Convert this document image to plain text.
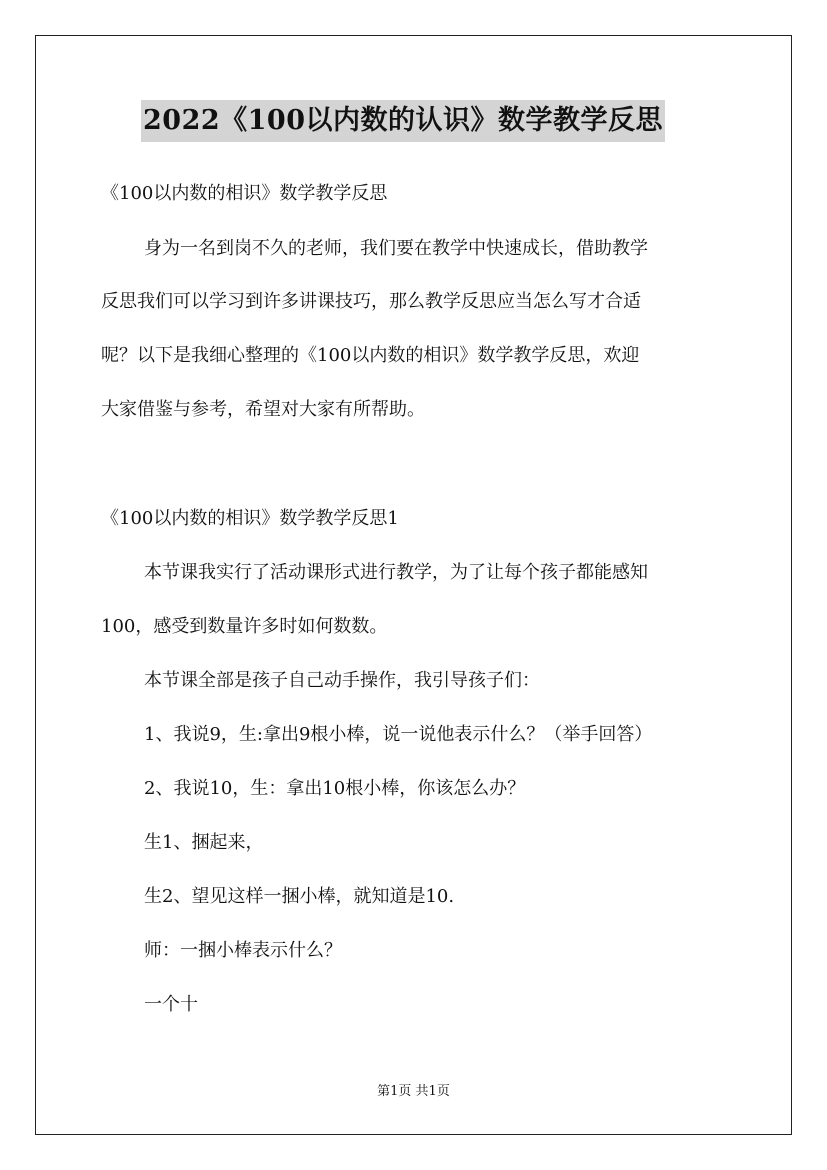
2022《100以内数的认识》数学教学反思
《100以内数的相识》数学教学反思
身为一名到岗不久的老师，我们要在教学中快速成长，借助教学
反思我们可以学习到许多讲课技巧，那么教学反思应当怎么写才合适
呢？以下是我细心整理的《100以内数的相识》数学教学反思，欢迎
大家借鉴与参考，希望对大家有所帮助。
《100以内数的相识》数学教学反思1
本节课我实行了活动课形式进行教学，为了让每个孩子都能感知
100，感受到数量许多时如何数数。
本节课全部是孩子自己动手操作，我引导孩子们：
1、我说9，生:拿出9根小棒，说一说他表示什么？（举手回答）
2、我说10，生：拿出10根小棒，你该怎么办？
生1、捆起来，
生2、望见这样一捆小棒，就知道是10.
师：一捆小棒表示什么？
一个十
第1页 共1页
